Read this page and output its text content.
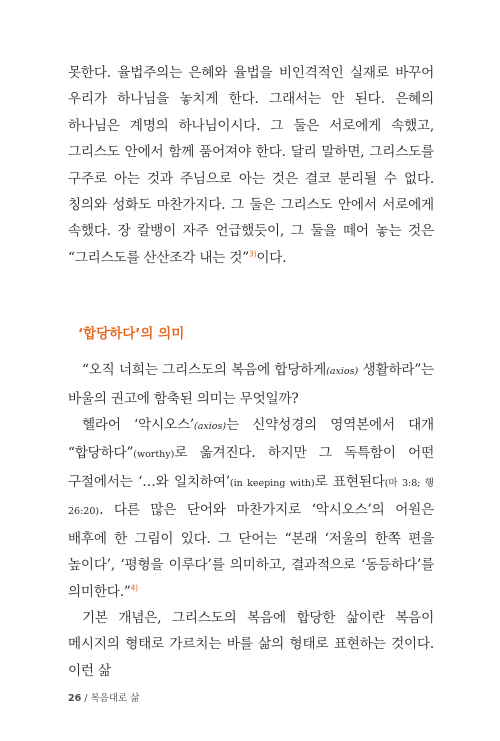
못한다. 율법주의는 은혜와 율법을 비인격적인 실재로 바꾸어 우리가 하나님을 놓치게 한다. 그래서는 안 된다. 은혜의 하나님은 계명의 하나님이시다. 그 둘은 서로에게 속했고, 그리스도 안에서 함께 품어져야 한다. 달리 말하면, 그리스도를 구주로 아는 것과 주님으로 아는 것은 결코 분리될 수 없다. 칭의와 성화도 마찬가지다. 그 둘은 그리스도 안에서 서로에게 속했다. 장 칼뱅이 자주 언급했듯이, 그 둘을 떼어 놓는 것은 “그리스도를 산산조각 내는 것”$^{3)}$이다.

‘합당하다’의 의미

“오직 너희는 그리스도의 복음에 합당하게(axios) 생활하라”는 바울의 권고에 함축된 의미는 무엇일까?

헬라어 ‘악시오스’(axios)는 신약성경의 영역본에서 대개 “합당하다”(worthy)로 옮겨진다. 하지만 그 독특함이 어떤 구절에서는 ‘…와 일치하여’(in keeping with)로 표현된다(마 3:8; 행 26:20). 다른 많은 단어와 마찬가지로 ‘악시오스’의 어원은 배후에 한 그림이 있다. 그 단어는 “본래 ‘저울의 한쪽 편을 높이다’, ‘평형을 이루다’를 의미하고, 결과적으로 ‘동등하다’를 의미한다.”$^{4)}$

기본 개념은, 그리스도의 복음에 합당한 삶이란 복음이 메시지의 형태로 가르치는 바를 삶의 형태로 표현하는 것이다. 이런 삶

26 / 복음대로 삶
